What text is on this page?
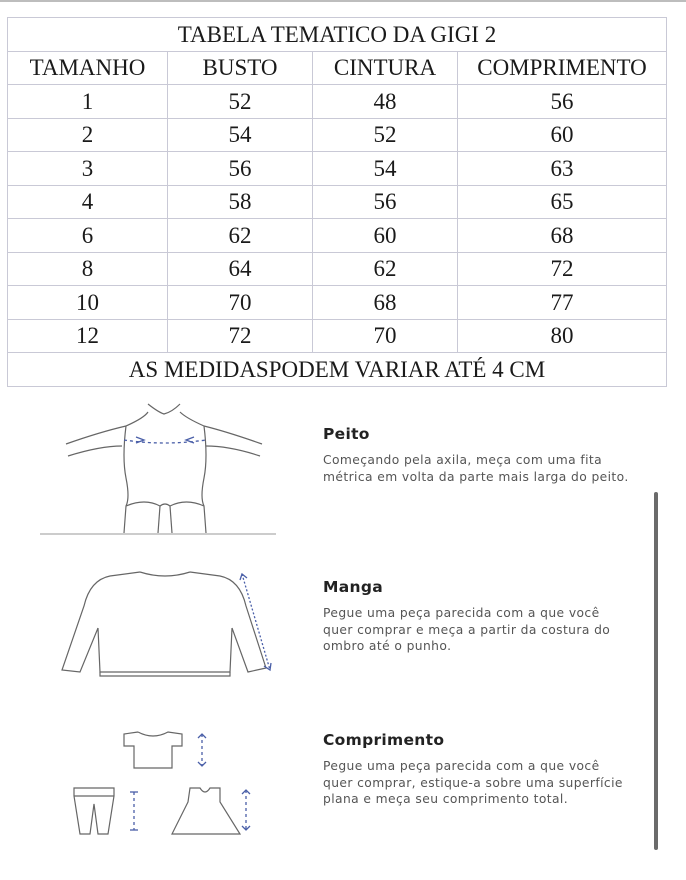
TABELA TEMATICO DA GIGI 2			
TAMANHO	BUSTO	CINTURA	COMPRIMENTO
1	52	48	56
2	54	52	60
3	56	54	63
4	58	56	65
6	62	60	68
8	64	62	72
10	70	68	77
12	72	70	80
AS MEDIDASPODEM VARIAR ATÉ 4 CM			
Peito
Começando pela axila, meça com uma fita métrica em volta da parte mais larga do peito.
Manga
Pegue uma peça parecida com a que você quer comprar e meça a partir da costura do ombro até o punho.
Comprimento
Pegue uma peça parecida com a que você quer comprar, estique-a sobre uma superfície plana e meça seu comprimento total.
